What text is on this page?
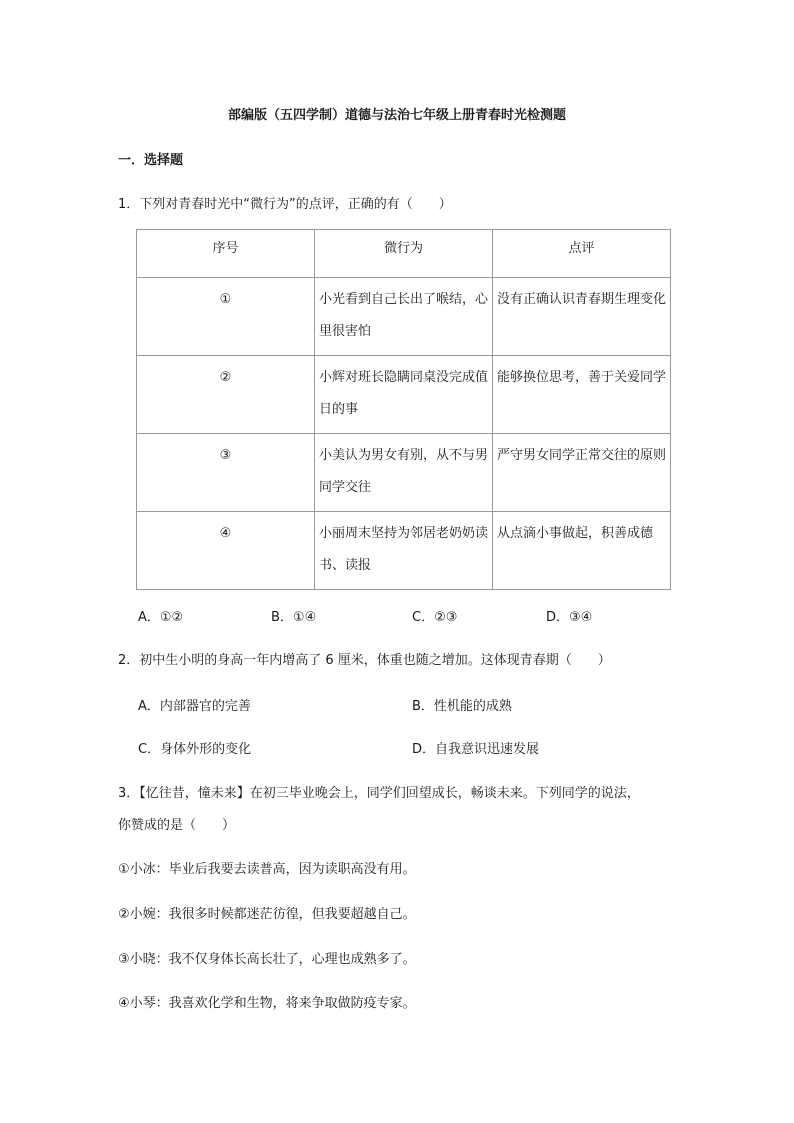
部编版（五四学制）道德与法治七年级上册青春时光检测题
一．选择题
1．下列对青春时光中“微行为”的点评，正确的有（　　）
序号	微行为	点评
①	小光看到自己长出了喉结，心里很害怕	没有正确认识青春期生理变化
②	小辉对班长隐瞒同桌没完成值日的事	能够换位思考，善于关爱同学
③	小美认为男女有别，从不与男同学交往	严守男女同学正常交往的原则
④	小丽周末坚持为邻居老奶奶读书、读报	从点滴小事做起，积善成德
A．①②	B．①④	C．②③	D．③④
2．初中生小明的身高一年内增高了 6 厘米，体重也随之增加。这体现青春期（　　）
A．内部器官的完善	B．性机能的成熟
C．身体外形的变化	D．自我意识迅速发展
3．【忆往昔，憧未来】在初三毕业晚会上，同学们回望成长，畅谈未来。下列同学的说法，
你赞成的是（　　）
①小冰：毕业后我要去读普高，因为读职高没有用。
②小婉：我很多时候都迷茫彷徨，但我要超越自己。
③小晓：我不仅身体长高长壮了，心理也成熟多了。
④小琴：我喜欢化学和生物，将来争取做防疫专家。
